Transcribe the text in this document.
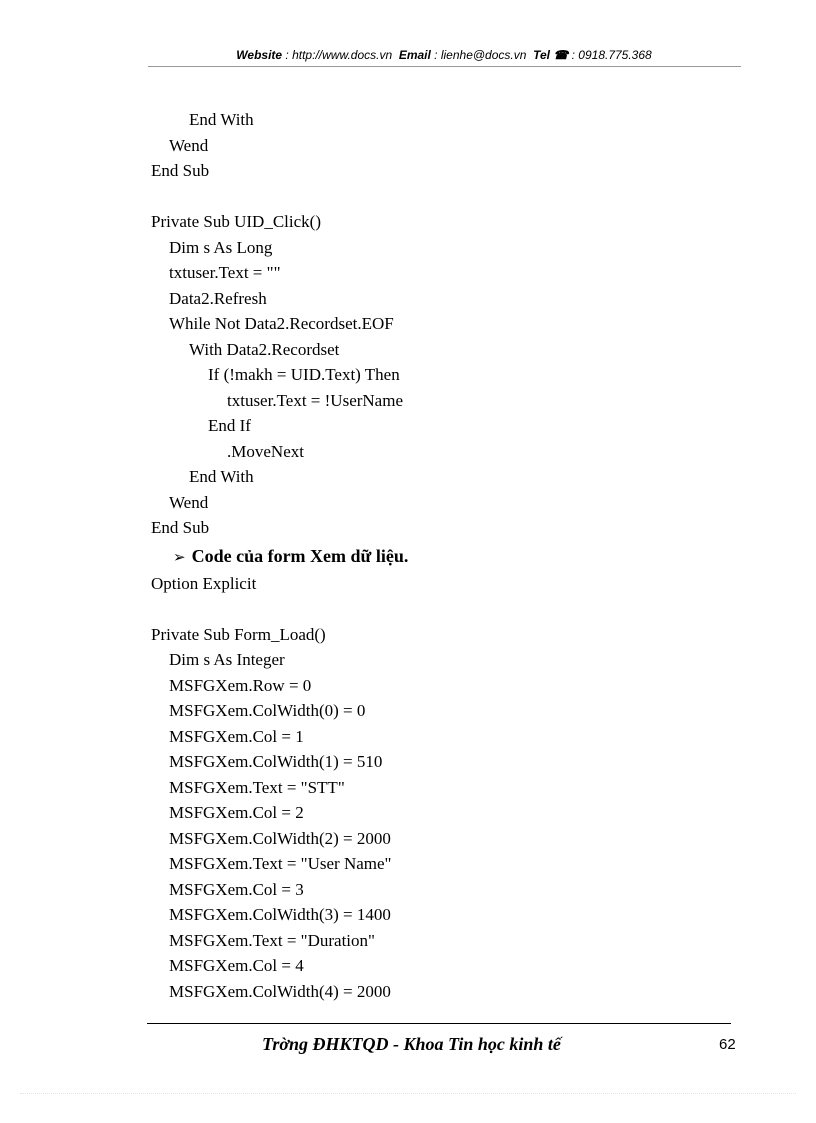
Website : http://www.docs.vn Email : lienhe@docs.vn Tel ☎ : 0918.775.368
End With
Wend
End Sub
Private Sub UID_Click()
Dim s As Long
txtuser.Text = ""
Data2.Refresh
While Not Data2.Recordset.EOF
With Data2.Recordset
If (!makh = UID.Text) Then
txtuser.Text = !UserName
End If
.MoveNext
End With
Wend
End Sub
➢ Code của form Xem dữ liệu.
Option Explicit
Private Sub Form_Load()
Dim s As Integer
MSFGXem.Row = 0
MSFGXem.ColWidth(0) = 0
MSFGXem.Col = 1
MSFGXem.ColWidth(1) = 510
MSFGXem.Text = "STT"
MSFGXem.Col = 2
MSFGXem.ColWidth(2) = 2000
MSFGXem.Text = "User Name"
MSFGXem.Col = 3
MSFGXem.ColWidth(3) = 1400
MSFGXem.Text = "Duration"
MSFGXem.Col = 4
MSFGXem.ColWidth(4) = 2000
Trờng ĐHKTQD - Khoa Tin học kinh tế	62
